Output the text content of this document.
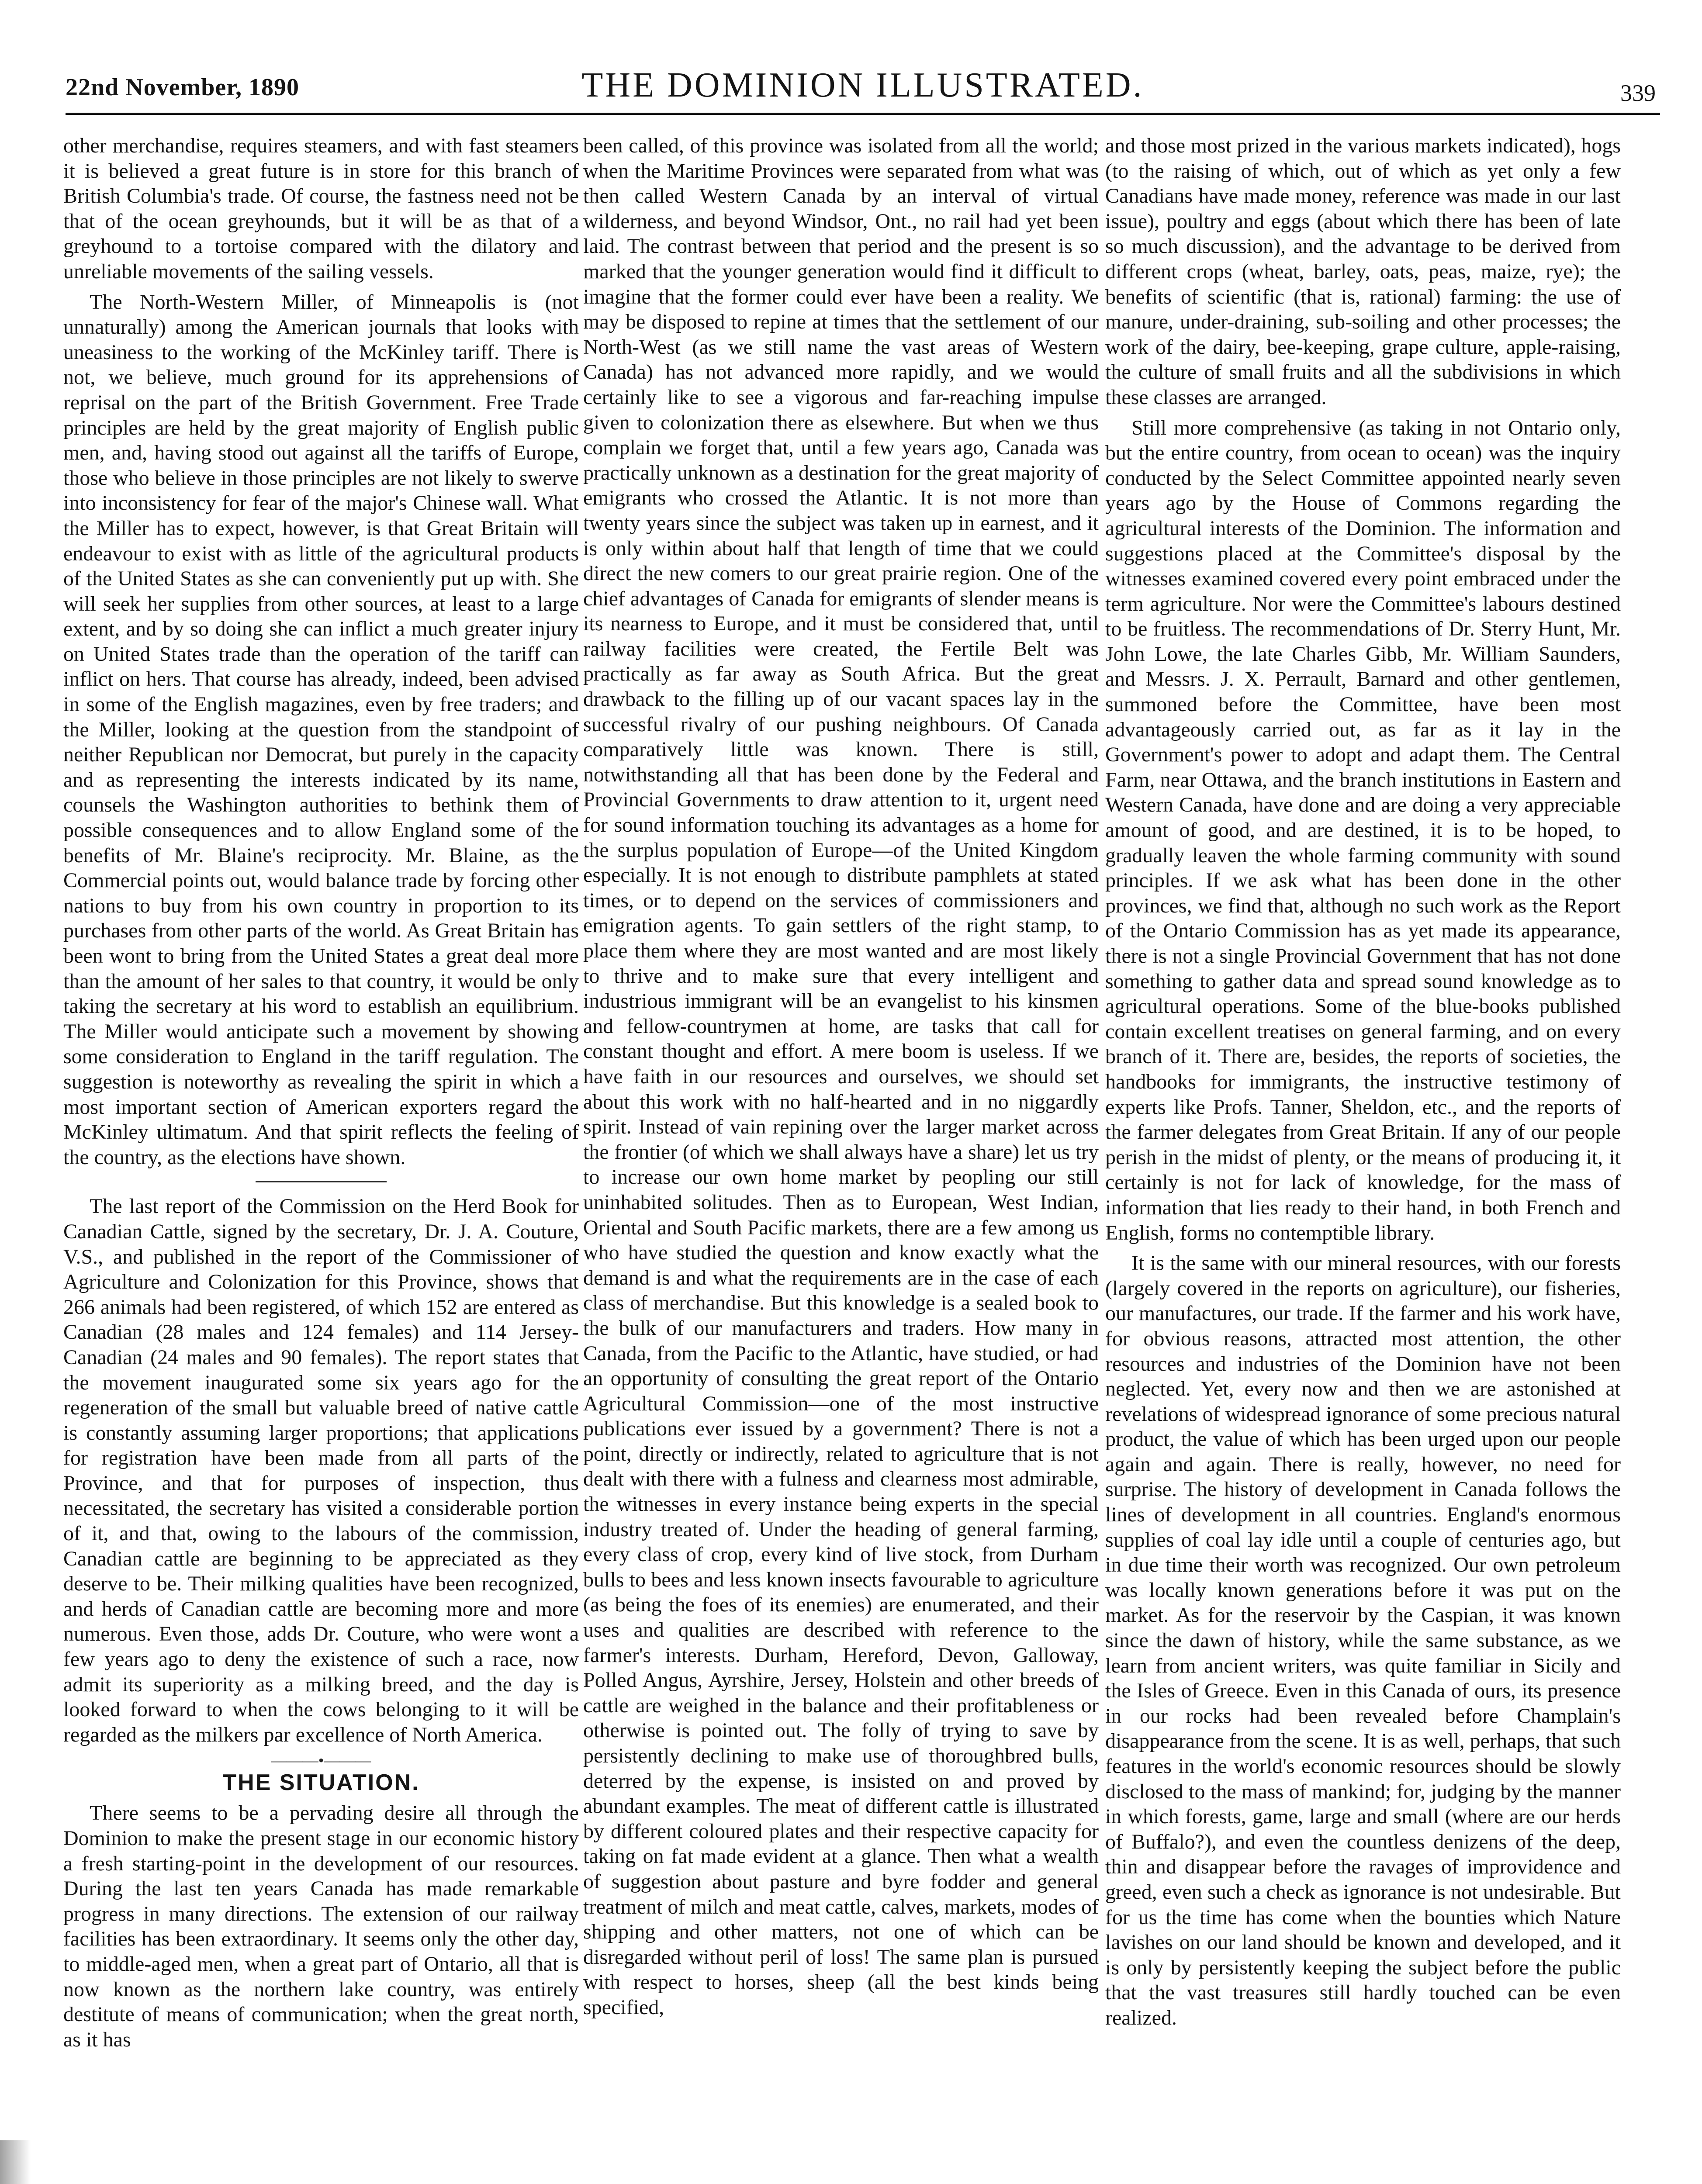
22nd November, 1890	THE DOMINION ILLUSTRATED.	339

other merchandise, requires steamers, and with fast steamers it is believed a great future is in store for this branch of British Columbia's trade. Of course, the fastness need not be that of the ocean greyhounds, but it will be as that of a greyhound to a tortoise compared with the dilatory and unreliable movements of the sailing vessels.

The North-Western Miller, of Minneapolis is (not unnaturally) among the American journals that looks with uneasiness to the working of the McKinley tariff. There is not, we believe, much ground for its apprehensions of reprisal on the part of the British Government. Free Trade principles are held by the great majority of English public men, and, having stood out against all the tariffs of Europe, those who believe in those principles are not likely to swerve into inconsistency for fear of the major's Chinese wall. What the Miller has to expect, however, is that Great Britain will endeavour to exist with as little of the agricultural products of the United States as she can conveniently put up with. She will seek her supplies from other sources, at least to a large extent, and by so doing she can inflict a much greater injury on United States trade than the operation of the tariff can inflict on hers. That course has already, indeed, been advised in some of the English magazines, even by free traders; and the Miller, looking at the question from the standpoint of neither Republican nor Democrat, but purely in the capacity and as representing the interests indicated by its name, counsels the Washington authorities to bethink them of possible consequences and to allow England some of the benefits of Mr. Blaine's reciprocity. Mr. Blaine, as the Commercial points out, would balance trade by forcing other nations to buy from his own country in proportion to its purchases from other parts of the world. As Great Britain has been wont to bring from the United States a great deal more than the amount of her sales to that country, it would be only taking the secretary at his word to establish an equilibrium. The Miller would anticipate such a movement by showing some consideration to England in the tariff regulation. The suggestion is noteworthy as revealing the spirit in which a most important section of American exporters regard the McKinley ultimatum. And that spirit reflects the feeling of the country, as the elections have shown.

The last report of the Commission on the Herd Book for Canadian Cattle, signed by the secretary, Dr. J. A. Couture, V.S., and published in the report of the Commissioner of Agriculture and Colonization for this Province, shows that 266 animals had been registered, of which 152 are entered as Canadian (28 males and 124 females) and 114 Jersey-Canadian (24 males and 90 females). The report states that the movement inaugurated some six years ago for the regeneration of the small but valuable breed of native cattle is constantly assuming larger proportions; that applications for registration have been made from all parts of the Province, and that for purposes of inspection, thus necessitated, the secretary has visited a considerable portion of it, and that, owing to the labours of the commission, Canadian cattle are beginning to be appreciated as they deserve to be. Their milking qualities have been recognized, and herds of Canadian cattle are becoming more and more numerous. Even those, adds Dr. Couture, who were wont a few years ago to deny the existence of such a race, now admit its superiority as a milking breed, and the day is looked forward to when the cows belonging to it will be regarded as the milkers par excellence of North America.

———•———
THE SITUATION.

There seems to be a pervading desire all through the Dominion to make the present stage in our economic history a fresh starting-point in the development of our resources. During the last ten years Canada has made remarkable progress in many directions. The extension of our railway facilities has been extraordinary. It seems only the other day, to middle-aged men, when a great part of Ontario, all that is now known as the northern lake country, was entirely destitute of means of communication; when the great north, as it has

been called, of this province was isolated from all the world; when the Maritime Provinces were separated from what was then called Western Canada by an interval of virtual wilderness, and beyond Windsor, Ont., no rail had yet been laid. The contrast between that period and the present is so marked that the younger generation would find it difficult to imagine that the former could ever have been a reality. We may be disposed to repine at times that the settlement of our North-West (as we still name the vast areas of Western Canada) has not advanced more rapidly, and we would certainly like to see a vigorous and far-reaching impulse given to colonization there as elsewhere. But when we thus complain we forget that, until a few years ago, Canada was practically unknown as a destination for the great majority of emigrants who crossed the Atlantic. It is not more than twenty years since the subject was taken up in earnest, and it is only within about half that length of time that we could direct the new comers to our great prairie region. One of the chief advantages of Canada for emigrants of slender means is its nearness to Europe, and it must be considered that, until railway facilities were created, the Fertile Belt was practically as far away as South Africa. But the great drawback to the filling up of our vacant spaces lay in the successful rivalry of our pushing neighbours. Of Canada comparatively little was known. There is still, notwithstanding all that has been done by the Federal and Provincial Governments to draw attention to it, urgent need for sound information touching its advantages as a home for the surplus population of Europe—of the United Kingdom especially. It is not enough to distribute pamphlets at stated times, or to depend on the services of commissioners and emigration agents. To gain settlers of the right stamp, to place them where they are most wanted and are most likely to thrive and to make sure that every intelligent and industrious immigrant will be an evangelist to his kinsmen and fellow-countrymen at home, are tasks that call for constant thought and effort. A mere boom is useless. If we have faith in our resources and ourselves, we should set about this work with no half-hearted and in no niggardly spirit. Instead of vain repining over the larger market across the frontier (of which we shall always have a share) let us try to increase our own home market by peopling our still uninhabited solitudes. Then as to European, West Indian, Oriental and South Pacific markets, there are a few among us who have studied the question and know exactly what the demand is and what the requirements are in the case of each class of merchandise. But this knowledge is a sealed book to the bulk of our manufacturers and traders. How many in Canada, from the Pacific to the Atlantic, have studied, or had an opportunity of consulting the great report of the Ontario Agricultural Commission—one of the most instructive publications ever issued by a government? There is not a point, directly or indirectly, related to agriculture that is not dealt with there with a fulness and clearness most admirable, the witnesses in every instance being experts in the special industry treated of. Under the heading of general farming, every class of crop, every kind of live stock, from Durham bulls to bees and less known insects favourable to agriculture (as being the foes of its enemies) are enumerated, and their uses and qualities are described with reference to the farmer's interests. Durham, Hereford, Devon, Galloway, Polled Angus, Ayrshire, Jersey, Holstein and other breeds of cattle are weighed in the balance and their profitableness or otherwise is pointed out. The folly of trying to save by persistently declining to make use of thoroughbred bulls, deterred by the expense, is insisted on and proved by abundant examples. The meat of different cattle is illustrated by different coloured plates and their respective capacity for taking on fat made evident at a glance. Then what a wealth of suggestion about pasture and byre fodder and general treatment of milch and meat cattle, calves, markets, modes of shipping and other matters, not one of which can be disregarded without peril of loss! The same plan is pursued with respect to horses, sheep (all the best kinds being specified,

and those most prized in the various markets indicated), hogs (to the raising of which, out of which as yet only a few Canadians have made money, reference was made in our last issue), poultry and eggs (about which there has been of late so much discussion), and the advantage to be derived from different crops (wheat, barley, oats, peas, maize, rye); the benefits of scientific (that is, rational) farming: the use of manure, under-draining, sub-soiling and other processes; the work of the dairy, bee-keeping, grape culture, apple-raising, the culture of small fruits and all the subdivisions in which these classes are arranged.

Still more comprehensive (as taking in not Ontario only, but the entire country, from ocean to ocean) was the inquiry conducted by the Select Committee appointed nearly seven years ago by the House of Commons regarding the agricultural interests of the Dominion. The information and suggestions placed at the Committee's disposal by the witnesses examined covered every point embraced under the term agriculture. Nor were the Committee's labours destined to be fruitless. The recommendations of Dr. Sterry Hunt, Mr. John Lowe, the late Charles Gibb, Mr. William Saunders, and Messrs. J. X. Perrault, Barnard and other gentlemen, summoned before the Committee, have been most advantageously carried out, as far as it lay in the Government's power to adopt and adapt them. The Central Farm, near Ottawa, and the branch institutions in Eastern and Western Canada, have done and are doing a very appreciable amount of good, and are destined, it is to be hoped, to gradually leaven the whole farming community with sound principles. If we ask what has been done in the other provinces, we find that, although no such work as the Report of the Ontario Commission has as yet made its appearance, there is not a single Provincial Government that has not done something to gather data and spread sound knowledge as to agricultural operations. Some of the blue-books published contain excellent treatises on general farming, and on every branch of it. There are, besides, the reports of societies, the handbooks for immigrants, the instructive testimony of experts like Profs. Tanner, Sheldon, etc., and the reports of the farmer delegates from Great Britain. If any of our people perish in the midst of plenty, or the means of producing it, it certainly is not for lack of knowledge, for the mass of information that lies ready to their hand, in both French and English, forms no contemptible library.

It is the same with our mineral resources, with our forests (largely covered in the reports on agriculture), our fisheries, our manufactures, our trade. If the farmer and his work have, for obvious reasons, attracted most attention, the other resources and industries of the Dominion have not been neglected. Yet, every now and then we are astonished at revelations of widespread ignorance of some precious natural product, the value of which has been urged upon our people again and again. There is really, however, no need for surprise. The history of development in Canada follows the lines of development in all countries. England's enormous supplies of coal lay idle until a couple of centuries ago, but in due time their worth was recognized. Our own petroleum was locally known generations before it was put on the market. As for the reservoir by the Caspian, it was known since the dawn of history, while the same substance, as we learn from ancient writers, was quite familiar in Sicily and the Isles of Greece. Even in this Canada of ours, its presence in our rocks had been revealed before Champlain's disappearance from the scene. It is as well, perhaps, that such features in the world's economic resources should be slowly disclosed to the mass of mankind; for, judging by the manner in which forests, game, large and small (where are our herds of Buffalo?), and even the countless denizens of the deep, thin and disappear before the ravages of improvidence and greed, even such a check as ignorance is not undesirable. But for us the time has come when the bounties which Nature lavishes on our land should be known and developed, and it is only by persistently keeping the subject before the public that the vast treasures still hardly touched can be even realized.
